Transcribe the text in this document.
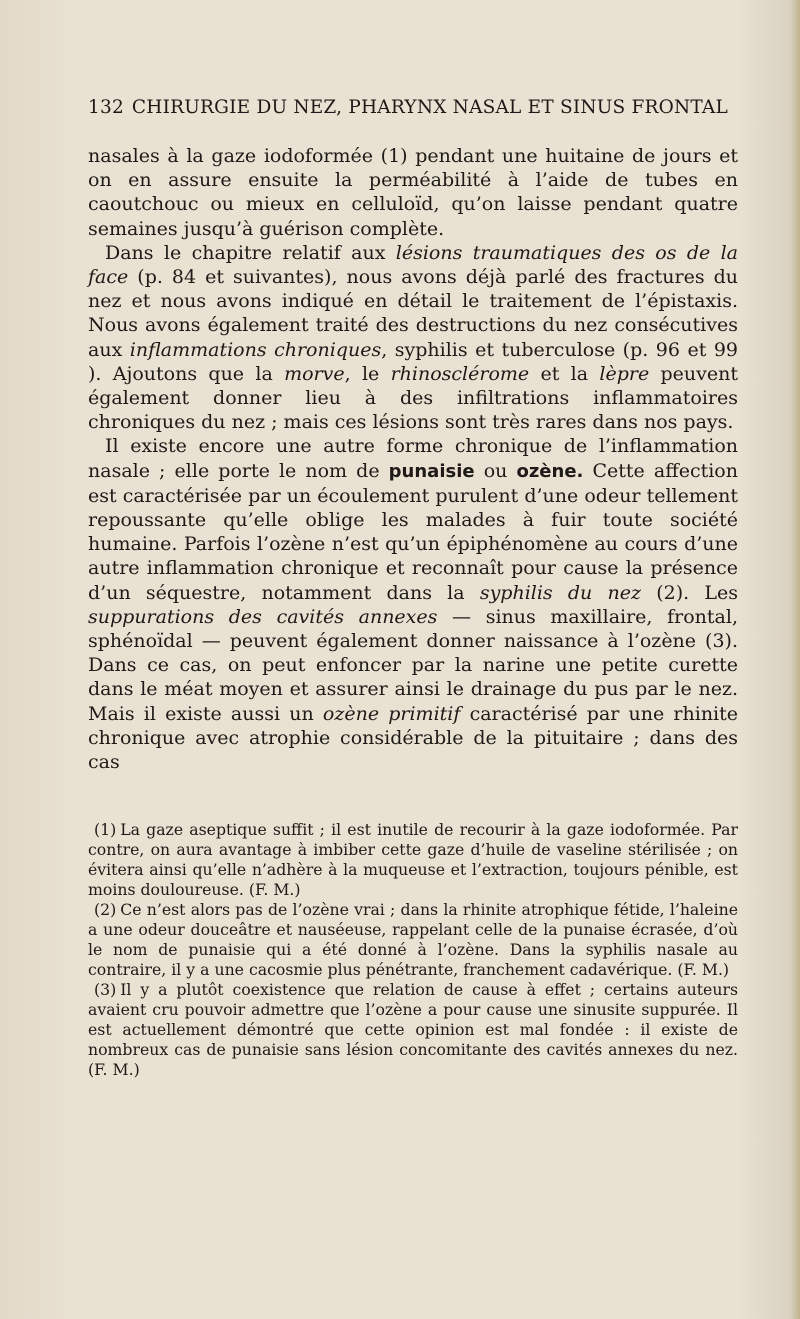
132 CHIRURGIE DU NEZ, PHARYNX NASAL ET SINUS FRONTAL

nasales à la gaze iodoformée (1) pendant une huitaine de jours et on en assure ensuite la perméabilité à l’aide de tubes en caoutchouc ou mieux en celluloïd, qu’on laisse pendant quatre semaines jusqu’à guérison complète.

Dans le chapitre relatif aux lésions traumatiques des os de la face (p. 84 et suivantes), nous avons déjà parlé des fractures du nez et nous avons indiqué en détail le traitement de l’épistaxis. Nous avons également traité des destructions du nez consécutives aux inflammations chroniques, syphilis et tuberculose (p. 96 et 99 ). Ajoutons que la morve, le rhinosclérome et la lèpre peuvent également donner lieu à des infiltrations inflammatoires chroniques du nez ; mais ces lésions sont très rares dans nos pays.

Il existe encore une autre forme chronique de l’inflammation nasale ; elle porte le nom de punaisie ou ozène. Cette affection est caractérisée par un écoulement purulent d’une odeur tellement repoussante qu’elle oblige les malades à fuir toute société humaine. Parfois l’ozène n’est qu’un épiphénomène au cours d’une autre inflammation chronique et reconnaît pour cause la présence d’un séquestre, notamment dans la syphilis du nez (2). Les suppurations des cavités annexes — sinus maxillaire, frontal, sphénoïdal — peuvent également donner naissance à l’ozène (3). Dans ce cas, on peut enfoncer par la narine une petite curette dans le méat moyen et assurer ainsi le drainage du pus par le nez. Mais il existe aussi un ozène primitif caractérisé par une rhinite chronique avec atrophie considérable de la pituitaire ; dans des cas

(1) La gaze aseptique suffit ; il est inutile de recourir à la gaze iodoformée. Par contre, on aura avantage à imbiber cette gaze d’huile de vaseline stérilisée ; on évitera ainsi qu’elle n’adhère à la muqueuse et l’extraction, toujours pénible, est moins douloureuse. (F. M.)

(2) Ce n’est alors pas de l’ozène vrai ; dans la rhinite atrophique fétide, l’haleine a une odeur douceâtre et nauséeuse, rappelant celle de la punaise écrasée, d’où le nom de punaisie qui a été donné à l’ozène. Dans la syphilis nasale au contraire, il y a une cacosmie plus pénétrante, franchement cadavérique. (F. M.)

(3) Il y a plutôt coexistence que relation de cause à effet ; certains auteurs avaient cru pouvoir admettre que l’ozène a pour cause une sinusite suppurée. Il est actuellement démontré que cette opinion est mal fondée : il existe de nombreux cas de punaisie sans lésion concomitante des cavités annexes du nez. (F. M.)
